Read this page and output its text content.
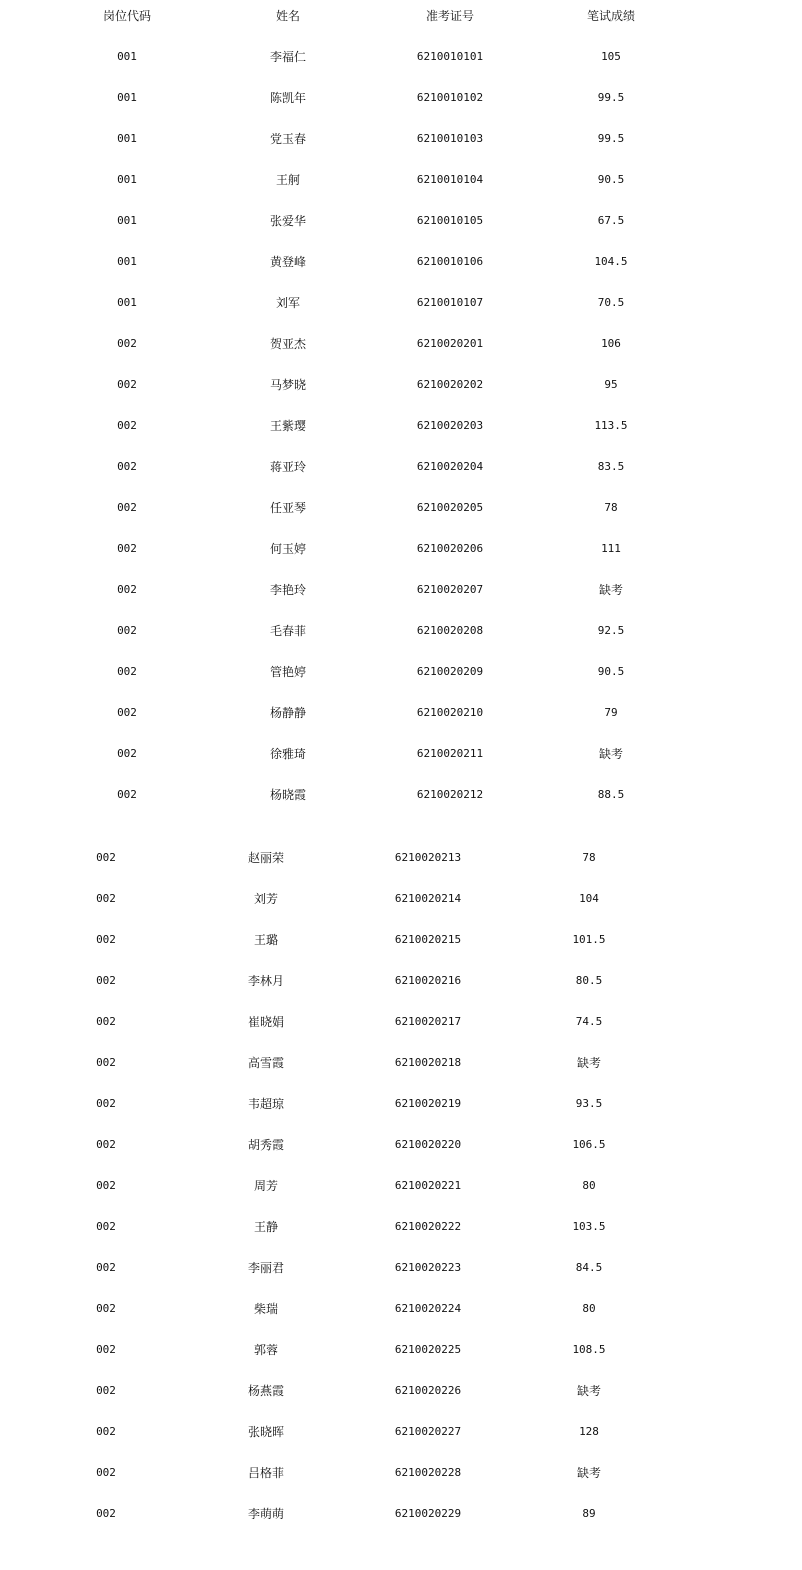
岗位代码	姓名	准考证号	笔试成绩
001	李福仁	6210010101	105
001	陈凯年	6210010102	99.5
001	党玉春	6210010103	99.5
001	王舸	6210010104	90.5
001	张爱华	6210010105	67.5
001	黄登峰	6210010106	104.5
001	刘军	6210010107	70.5
002	贺亚杰	6210020201	106
002	马梦晓	6210020202	95
002	王紫璎	6210020203	113.5
002	蒋亚玲	6210020204	83.5
002	任亚琴	6210020205	78
002	何玉婷	6210020206	111
002	李艳玲	6210020207	缺考
002	毛春菲	6210020208	92.5
002	管艳婷	6210020209	90.5
002	杨静静	6210020210	79
002	徐雅琦	6210020211	缺考
002	杨晓霞	6210020212	88.5
002	赵丽荣	6210020213	78
002	刘芳	6210020214	104
002	王璐	6210020215	101.5
002	李林月	6210020216	80.5
002	崔晓娟	6210020217	74.5
002	高雪霞	6210020218	缺考
002	韦超琼	6210020219	93.5
002	胡秀霞	6210020220	106.5
002	周芳	6210020221	80
002	王静	6210020222	103.5
002	李丽君	6210020223	84.5
002	柴瑞	6210020224	80
002	郭蓉	6210020225	108.5
002	杨燕霞	6210020226	缺考
002	张晓晖	6210020227	128
002	吕格菲	6210020228	缺考
002	李萌萌	6210020229	89
